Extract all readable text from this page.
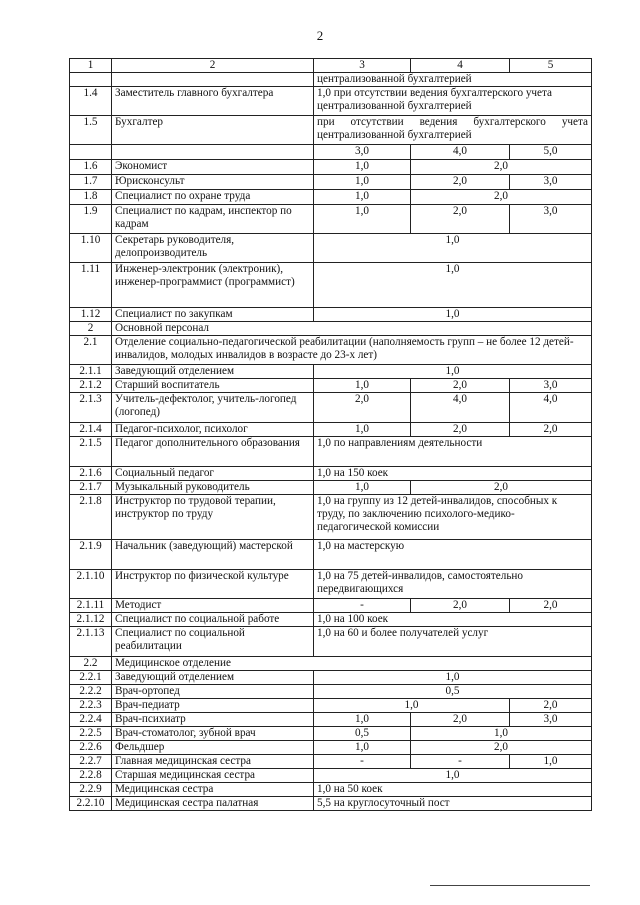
2
1	2	3	4	5
		централизованной бухгалтерией		
1.4	Заместитель главного бухгалтера	1,0 при отсутствии ведения бухгалтерского учета централизованной бухгалтерией		
1.5	Бухгалтер	при отсутствии ведения бухгалтерского учета централизованной бухгалтерией		
		3,0	4,0	5,0
1.6	Экономист	1,0	2,0	
1.7	Юрисконсульт	1,0	2,0	3,0
1.8	Специалист по охране труда	1,0	2,0	
1.9	Специалист по кадрам, инспектор по кадрам	1,0	2,0	3,0
1.10	Секретарь руководителя, делопроизводитель	1,0		
1.11	Инженер-электроник (электроник), инженер-программист (программист)	1,0		
1.12	Специалист по закупкам	1,0		
2	Основной персонал			
2.1	Отделение социально-педагогической реабилитации (наполняемость групп – не более 12 детей-инвалидов, молодых инвалидов в возрасте до 23-х лет)			
2.1.1	Заведующий отделением	1,0		
2.1.2	Старший воспитатель	1,0	2,0	3,0
2.1.3	Учитель-дефектолог, учитель-логопед (логопед)	2,0	4,0	4,0
2.1.4	Педагог-психолог, психолог	1,0	2,0	2,0
2.1.5	Педагог дополнительного образования	1,0 по направлениям деятельности		
2.1.6	Социальный педагог	1,0 на 150 коек		
2.1.7	Музыкальный руководитель	1,0	2,0	
2.1.8	Инструктор по трудовой терапии, инструктор по труду	1,0 на группу из 12 детей-инвалидов, способных к труду, по заключению психолого-медико-педагогической комиссии		
2.1.9	Начальник (заведующий) мастерской	1,0 на мастерскую		
2.1.10	Инструктор по физической культуре	1,0 на 75 детей-инвалидов, самостоятельно передвигающихся		
2.1.11	Методист	-	2,0	2,0
2.1.12	Специалист по социальной работе	1,0 на 100 коек		
2.1.13	Специалист по социальной реабилитации	1,0 на 60 и более получателей услуг		
2.2	Медицинское отделение			
2.2.1	Заведующий отделением	1,0		
2.2.2	Врач-ортопед	0,5		
2.2.3	Врач-педиатр	1,0		2,0
2.2.4	Врач-психиатр	1,0	2,0	3,0
2.2.5	Врач-стоматолог, зубной врач	0,5	1,0	
2.2.6	Фельдшер	1,0	2,0	
2.2.7	Главная медицинская сестра	-	-	1,0
2.2.8	Старшая медицинская сестра	1,0		
2.2.9	Медицинская сестра	1,0 на 50 коек		
2.2.10	Медицинская сестра палатная	5,5 на круглосуточный пост		
